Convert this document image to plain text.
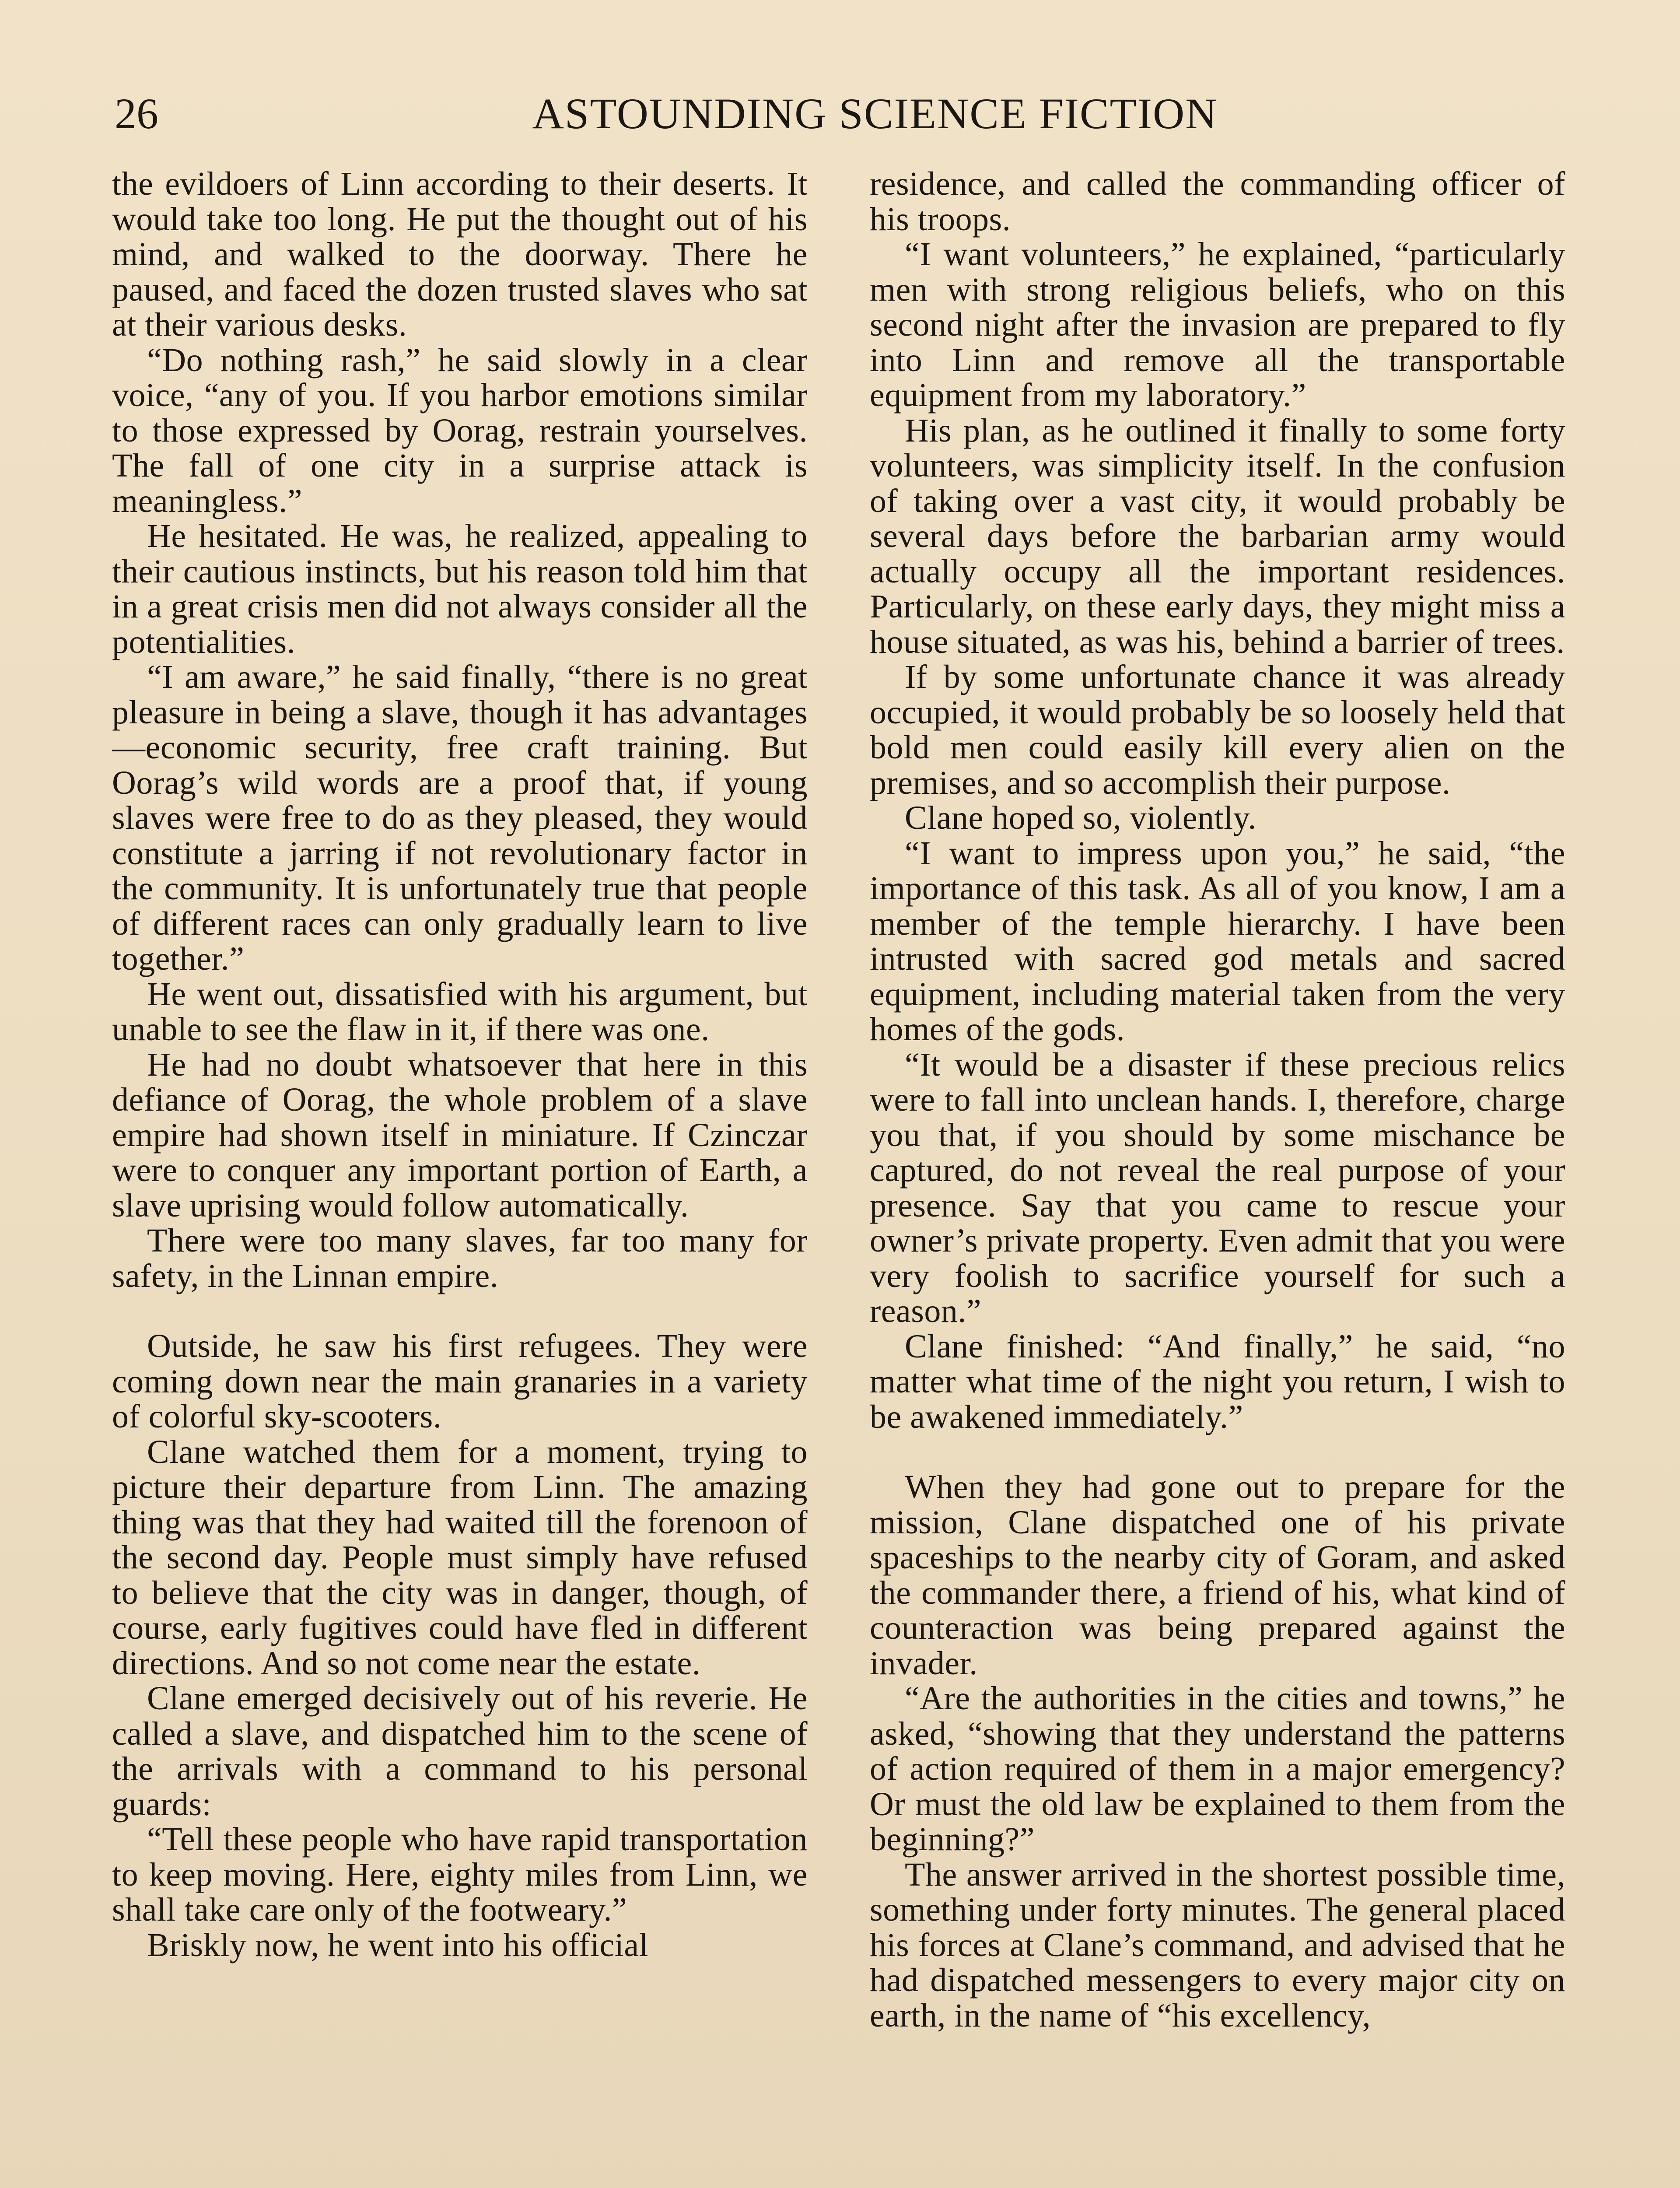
26	ASTOUNDING SCIENCE FICTION

the evildoers of Linn according to their deserts. It would take too long. He put the thought out of his mind, and walked to the doorway. There he paused, and faced the dozen trusted slaves who sat at their various desks.

“Do nothing rash,” he said slowly in a clear voice, “any of you. If you harbor emotions similar to those expressed by Oorag, restrain yourselves. The fall of one city in a surprise attack is meaningless.”

He hesitated. He was, he realized, appealing to their cautious instincts, but his reason told him that in a great crisis men did not always consider all the potentialities.

“I am aware,” he said finally, “there is no great pleasure in being a slave, though it has advantages—economic security, free craft training. But Oorag’s wild words are a proof that, if young slaves were free to do as they pleased, they would constitute a jarring if not revolutionary factor in the community. It is unfortunately true that people of different races can only gradually learn to live together.”

He went out, dissatisfied with his argument, but unable to see the flaw in it, if there was one.

He had no doubt whatsoever that here in this defiance of Oorag, the whole problem of a slave empire had shown itself in miniature. If Czinczar were to conquer any important portion of Earth, a slave uprising would follow automatically.

There were too many slaves, far too many for safety, in the Linnan empire.

Outside, he saw his first refugees. They were coming down near the main granaries in a variety of colorful sky-scooters.

Clane watched them for a moment, trying to picture their departure from Linn. The amazing thing was that they had waited till the forenoon of the second day. People must simply have refused to believe that the city was in danger, though, of course, early fugitives could have fled in different directions. And so not come near the estate.

Clane emerged decisively out of his reverie. He called a slave, and dispatched him to the scene of the arrivals with a command to his personal guards:

“Tell these people who have rapid transportation to keep moving. Here, eighty miles from Linn, we shall take care only of the footweary.”

Briskly now, he went into his official

residence, and called the commanding officer of his troops.

“I want volunteers,” he explained, “particularly men with strong religious beliefs, who on this second night after the invasion are prepared to fly into Linn and remove all the transportable equipment from my laboratory.”

His plan, as he outlined it finally to some forty volunteers, was simplicity itself. In the confusion of taking over a vast city, it would probably be several days before the barbarian army would actually occupy all the important residences. Particularly, on these early days, they might miss a house situated, as was his, behind a barrier of trees.

If by some unfortunate chance it was already occupied, it would probably be so loosely held that bold men could easily kill every alien on the premises, and so accomplish their purpose.

Clane hoped so, violently.

“I want to impress upon you,” he said, “the importance of this task. As all of you know, I am a member of the temple hierarchy. I have been intrusted with sacred god metals and sacred equipment, including material taken from the very homes of the gods.

“It would be a disaster if these precious relics were to fall into unclean hands. I, therefore, charge you that, if you should by some mischance be captured, do not reveal the real purpose of your presence. Say that you came to rescue your owner’s private property. Even admit that you were very foolish to sacrifice yourself for such a reason.”

Clane finished: “And finally,” he said, “no matter what time of the night you return, I wish to be awakened immediately.”

When they had gone out to prepare for the mission, Clane dispatched one of his private spaceships to the nearby city of Goram, and asked the commander there, a friend of his, what kind of counteraction was being prepared against the invader.

“Are the authorities in the cities and towns,” he asked, “showing that they understand the patterns of action required of them in a major emergency? Or must the old law be explained to them from the beginning?”

The answer arrived in the shortest possible time, something under forty minutes. The general placed his forces at Clane’s command, and advised that he had dispatched messengers to every major city on earth, in the name of “his excellency,
